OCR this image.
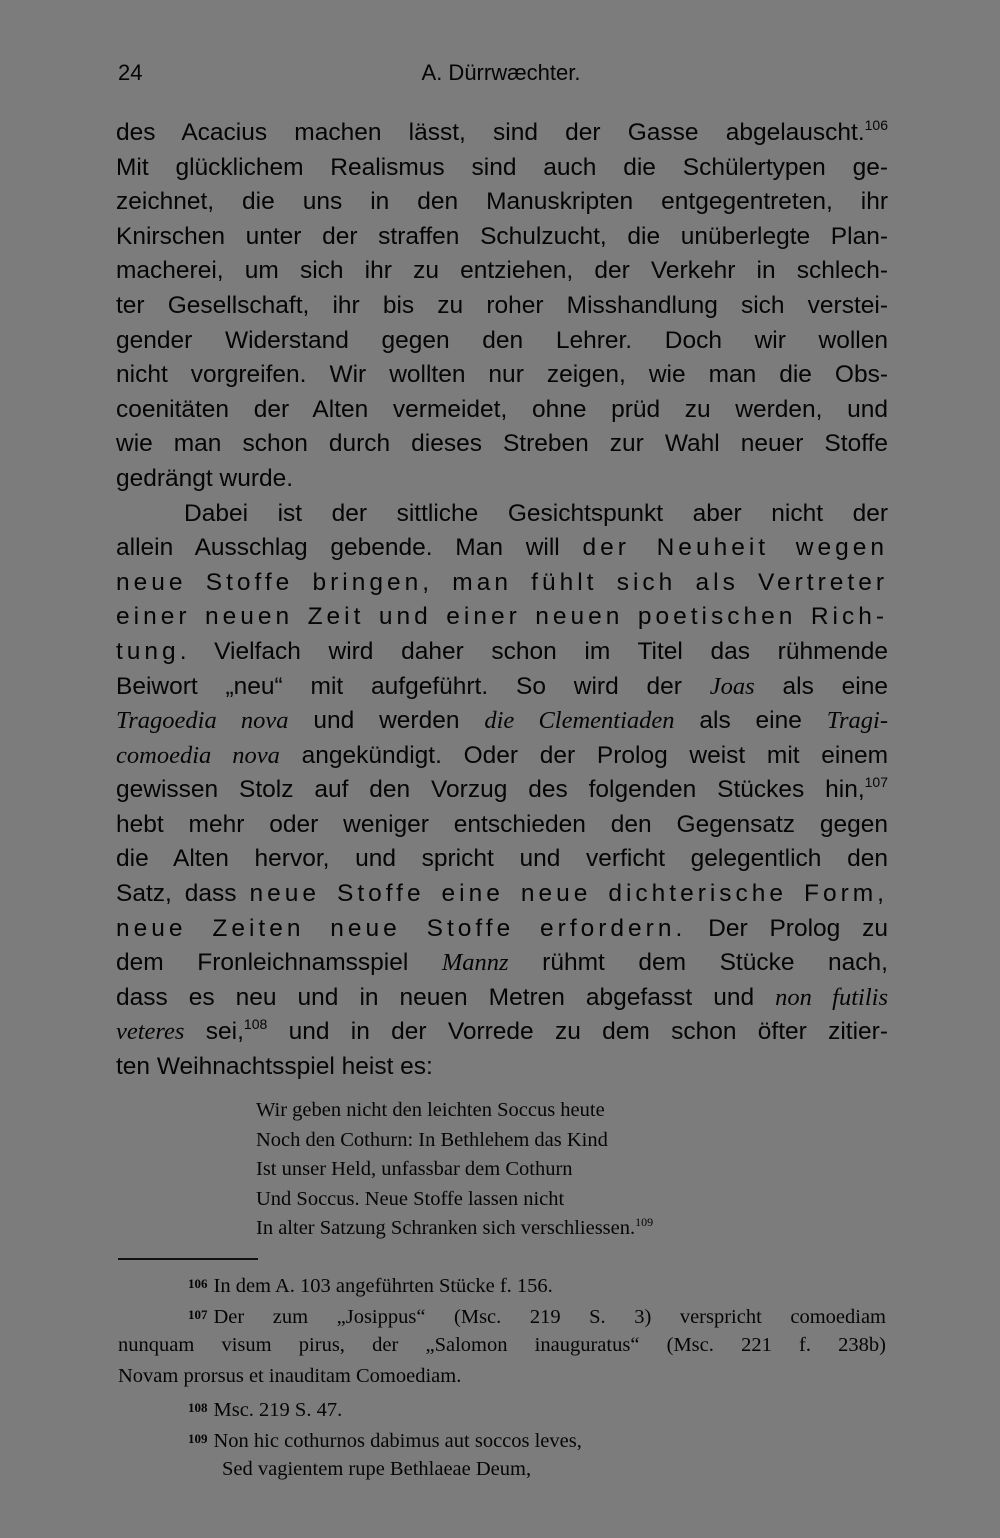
24	A. Dürrwæchter.
des Acacius machen lässt, sind der Gasse abgelauscht.$^{106}$
Mit glücklichem Realismus sind auch die Schülertypen ge-
zeichnet, die uns in den Manuskripten entgegentreten, ihr
Knirschen unter der straffen Schulzucht, die unüberlegte Plan-
macherei, um sich ihr zu entziehen, der Verkehr in schlech-
ter Gesellschaft, ihr bis zu roher Misshandlung sich verstei-
gender Widerstand gegen den Lehrer. Doch wir wollen
nicht vorgreifen. Wir wollten nur zeigen, wie man die Obs-
coenitäten der Alten vermeidet, ohne prüd zu werden, und
wie man schon durch dieses Streben zur Wahl neuer Stoffe
gedrängt wurde.
Dabei ist der sittliche Gesichtspunkt aber nicht der
allein Ausschlag gebende. Man will der Neuheit wegen
neue Stoffe bringen, man fühlt sich als Vertreter
einer neuen Zeit und einer neuen poetischen Rich-
tung. Vielfach wird daher schon im Titel das rühmende
Beiwort „neu“ mit aufgeführt. So wird der Joas als eine
Tragoedia nova und werden die Clementiaden als eine Tragi-
comoedia nova angekündigt. Oder der Prolog weist mit einem
gewissen Stolz auf den Vorzug des folgenden Stückes hin,$^{107}$
hebt mehr oder weniger entschieden den Gegensatz gegen
die Alten hervor, und spricht und verficht gelegentlich den
Satz, dass neue Stoffe eine neue dichterische Form,
neue Zeiten neue Stoffe erfordern. Der Prolog zu
dem Fronleichnamsspiel Mannz rühmt dem Stücke nach,
dass es neu und in neuen Metren abgefasst und non futilis
veteres sei,$^{108}$ und in der Vorrede zu dem schon öfter zitier-
ten Weihnachtsspiel heist es:
Wir geben nicht den leichten Soccus heute
Noch den Cothurn: In Bethlehem das Kind
Ist unser Held, unfassbar dem Cothurn
Und Soccus. Neue Stoffe lassen nicht
In alter Satzung Schranken sich verschliessen.$^{109}$
106 In dem A. 103 angeführten Stücke f. 156.
107 Der zum „Josippus“ (Msc. 219 S. 3) verspricht comoediam
nunquam visum pirus, der „Salomon inauguratus“ (Msc. 221 f. 238b)
Novam prorsus et inauditam Comoediam.
108 Msc. 219 S. 47.
109 Non hic cothurnos dabimus aut soccos leves,
Sed vagientem rupe Bethlaeae Deum,
